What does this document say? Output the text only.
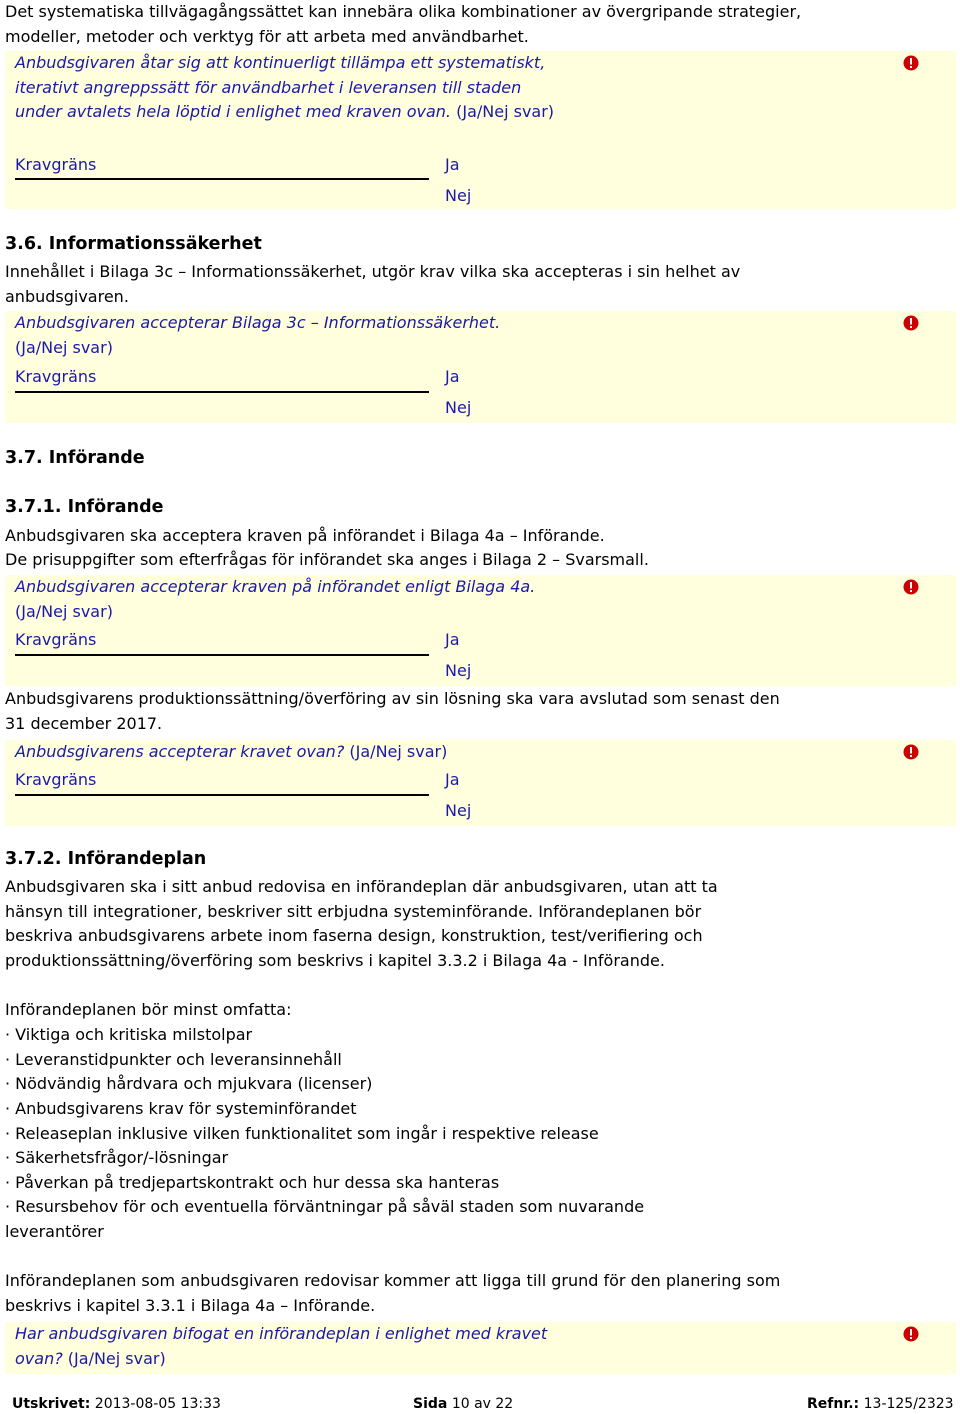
Det systematiska tillvägagångssättet kan innebära olika kombinationer av övergripande strategier, modeller, metoder och verktyg för att arbeta med användbarhet.

Anbudsgivaren åtar sig att kontinuerligt tillämpa ett systematiskt, iterativt angreppssätt för användbarhet i leveransen till staden under avtalets hela löptid i enlighet med kraven ovan. (Ja/Nej svar)
Kravgräns	Ja
Nej
3.6. Informationssäkerhet

Innehållet i Bilaga 3c – Informationssäkerhet, utgör krav vilka ska accepteras i sin helhet av anbudsgivaren.

Anbudsgivaren accepterar Bilaga 3c – Informationssäkerhet. (Ja/Nej svar)
Kravgräns	Ja
Nej
3.7. Införande
3.7.1. Införande

Anbudsgivaren ska acceptera kraven på införandet i Bilaga 4a – Införande.

De prisuppgifter som efterfrågas för införandet ska anges i Bilaga 2 – Svarsmall.

Anbudsgivaren accepterar kraven på införandet enligt Bilaga 4a. (Ja/Nej svar)
Kravgräns	Ja
Nej

Anbudsgivarens produktionssättning/överföring av sin lösning ska vara avslutad som senast den 31 december 2017.

Anbudsgivarens accepterar kravet ovan? (Ja/Nej svar)
Kravgräns	Ja
Nej
3.7.2. Införandeplan

Anbudsgivaren ska i sitt anbud redovisa en införandeplan där anbudsgivaren, utan att ta hänsyn till integrationer, beskriver sitt erbjudna systeminförande. Införandeplanen bör beskriva anbudsgivarens arbete inom faserna design, konstruktion, test/verifiering och produktionssättning/överföring som beskrivs i kapitel 3.3.2 i Bilaga 4a - Införande.

Införandeplanen bör minst omfatta:

· Viktiga och kritiska milstolpar

· Leveranstidpunkter och leveransinnehåll

· Nödvändig hårdvara och mjukvara (licenser)

· Anbudsgivarens krav för systeminförandet

· Releaseplan inklusive vilken funktionalitet som ingår i respektive release

· Säkerhetsfrågor/-lösningar

· Påverkan på tredjepartskontrakt och hur dessa ska hanteras

· Resursbehov för och eventuella förväntningar på såväl staden som nuvarande leverantörer

Införandeplanen som anbudsgivaren redovisar kommer att ligga till grund för den planering som beskrivs i kapitel 3.3.1 i Bilaga 4a – Införande.

Har anbudsgivaren bifogat en införandeplan i enlighet med kravet ovan? (Ja/Nej svar)
Utskrivet: 2013-08-05 13:33	Sida 10 av 22	Refnr.: 13-125/2323
